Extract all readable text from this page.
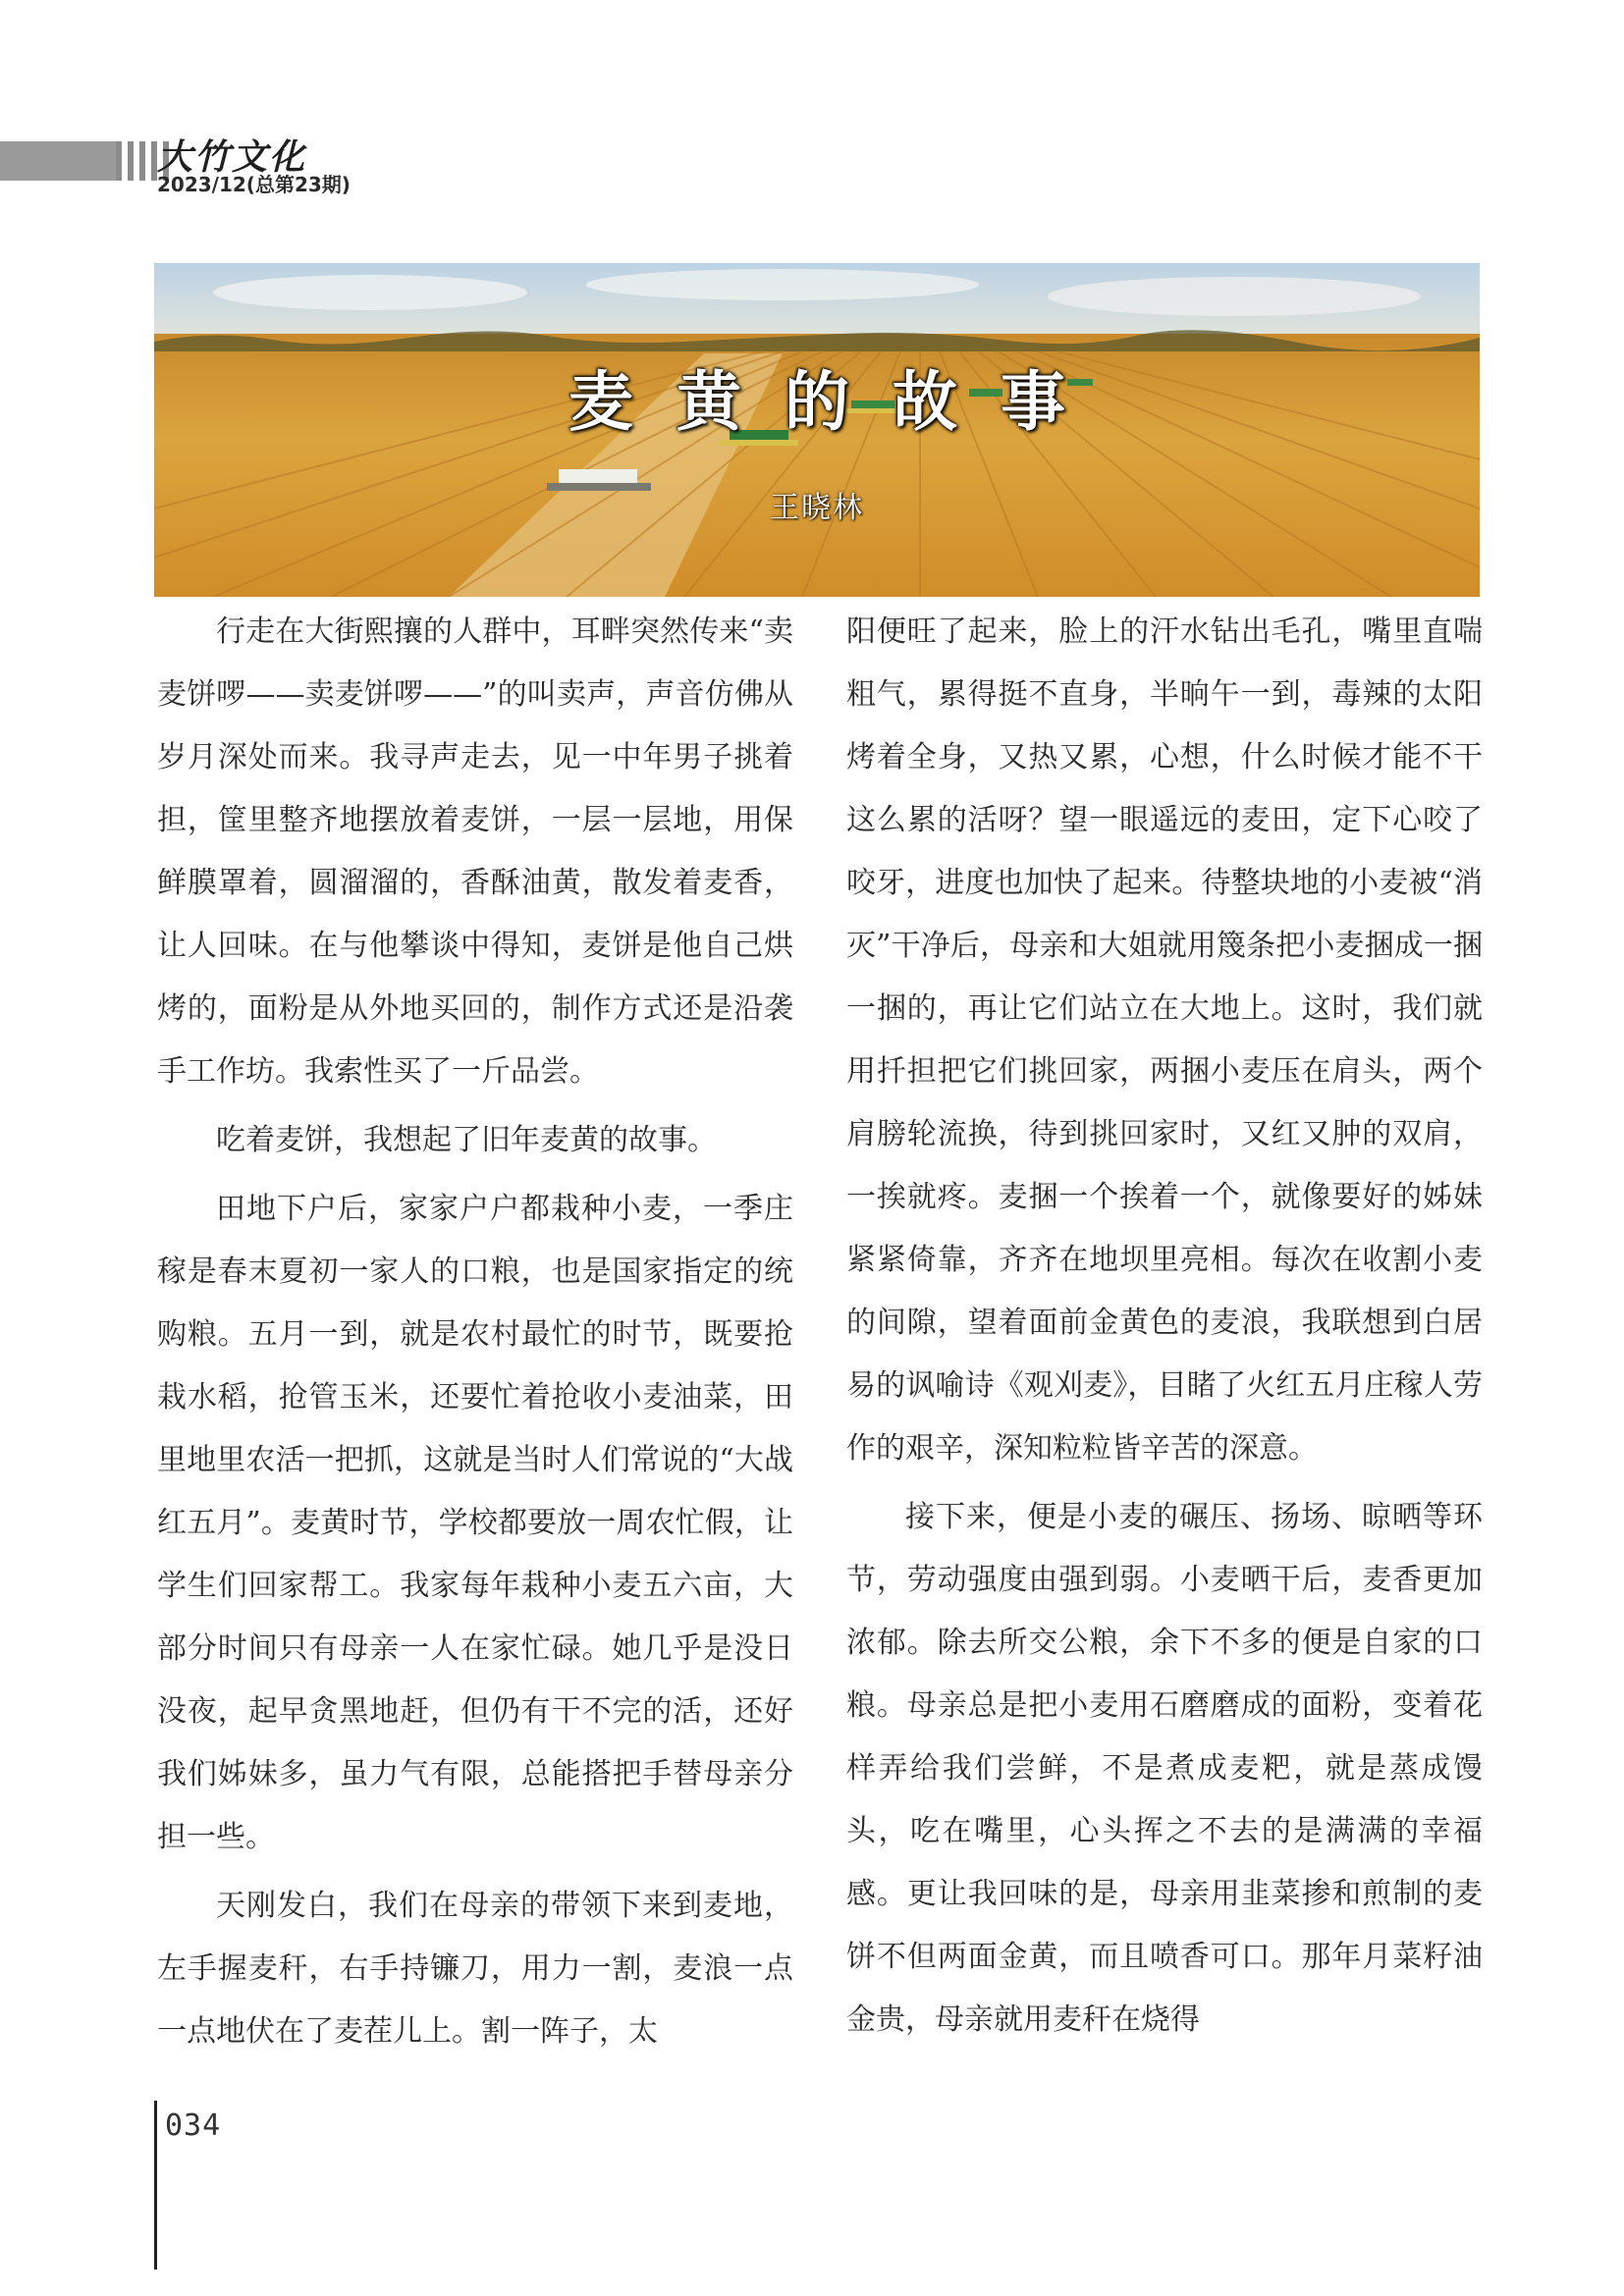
大竹文化
2023/12(总第23期)
麦黄的故事
王晓林

行走在大街熙攘的人群中，耳畔突然传来“卖麦饼啰——卖麦饼啰——”的叫卖声，声音仿佛从岁月深处而来。我寻声走去，见一中年男子挑着担，筐里整齐地摆放着麦饼，一层一层地，用保鲜膜罩着，圆溜溜的，香酥油黄，散发着麦香，让人回味。在与他攀谈中得知，麦饼是他自己烘烤的，面粉是从外地买回的，制作方式还是沿袭手工作坊。我索性买了一斤品尝。

吃着麦饼，我想起了旧年麦黄的故事。

田地下户后，家家户户都栽种小麦，一季庄稼是春末夏初一家人的口粮，也是国家指定的统购粮。五月一到，就是农村最忙的时节，既要抢栽水稻，抢管玉米，还要忙着抢收小麦油菜，田里地里农活一把抓，这就是当时人们常说的“大战红五月”。麦黄时节，学校都要放一周农忙假，让学生们回家帮工。我家每年栽种小麦五六亩，大部分时间只有母亲一人在家忙碌。她几乎是没日没夜，起早贪黑地赶，但仍有干不完的活，还好我们姊妹多，虽力气有限，总能搭把手替母亲分担一些。

天刚发白，我们在母亲的带领下来到麦地，左手握麦秆，右手持镰刀，用力一割，麦浪一点一点地伏在了麦茬儿上。割一阵子，太

阳便旺了起来，脸上的汗水钻出毛孔，嘴里直喘粗气，累得挺不直身，半晌午一到，毒辣的太阳烤着全身，又热又累，心想，什么时候才能不干这么累的活呀？望一眼遥远的麦田，定下心咬了咬牙，进度也加快了起来。待整块地的小麦被“消灭”干净后，母亲和大姐就用篾条把小麦捆成一捆一捆的，再让它们站立在大地上。这时，我们就用扦担把它们挑回家，两捆小麦压在肩头，两个肩膀轮流换，待到挑回家时，又红又肿的双肩，一挨就疼。麦捆一个挨着一个，就像要好的姊妹紧紧倚靠，齐齐在地坝里亮相。每次在收割小麦的间隙，望着面前金黄色的麦浪，我联想到白居易的讽喻诗《观刈麦》，目睹了火红五月庄稼人劳作的艰辛，深知粒粒皆辛苦的深意。

接下来，便是小麦的碾压、扬场、晾晒等环节，劳动强度由强到弱。小麦晒干后，麦香更加浓郁。除去所交公粮，余下不多的便是自家的口粮。母亲总是把小麦用石磨磨成的面粉，变着花样弄给我们尝鲜，不是煮成麦粑，就是蒸成馒头，吃在嘴里，心头挥之不去的是满满的幸福感。更让我回味的是，母亲用韭菜掺和煎制的麦饼不但两面金黄，而且喷香可口。那年月菜籽油金贵，母亲就用麦秆在烧得

034
